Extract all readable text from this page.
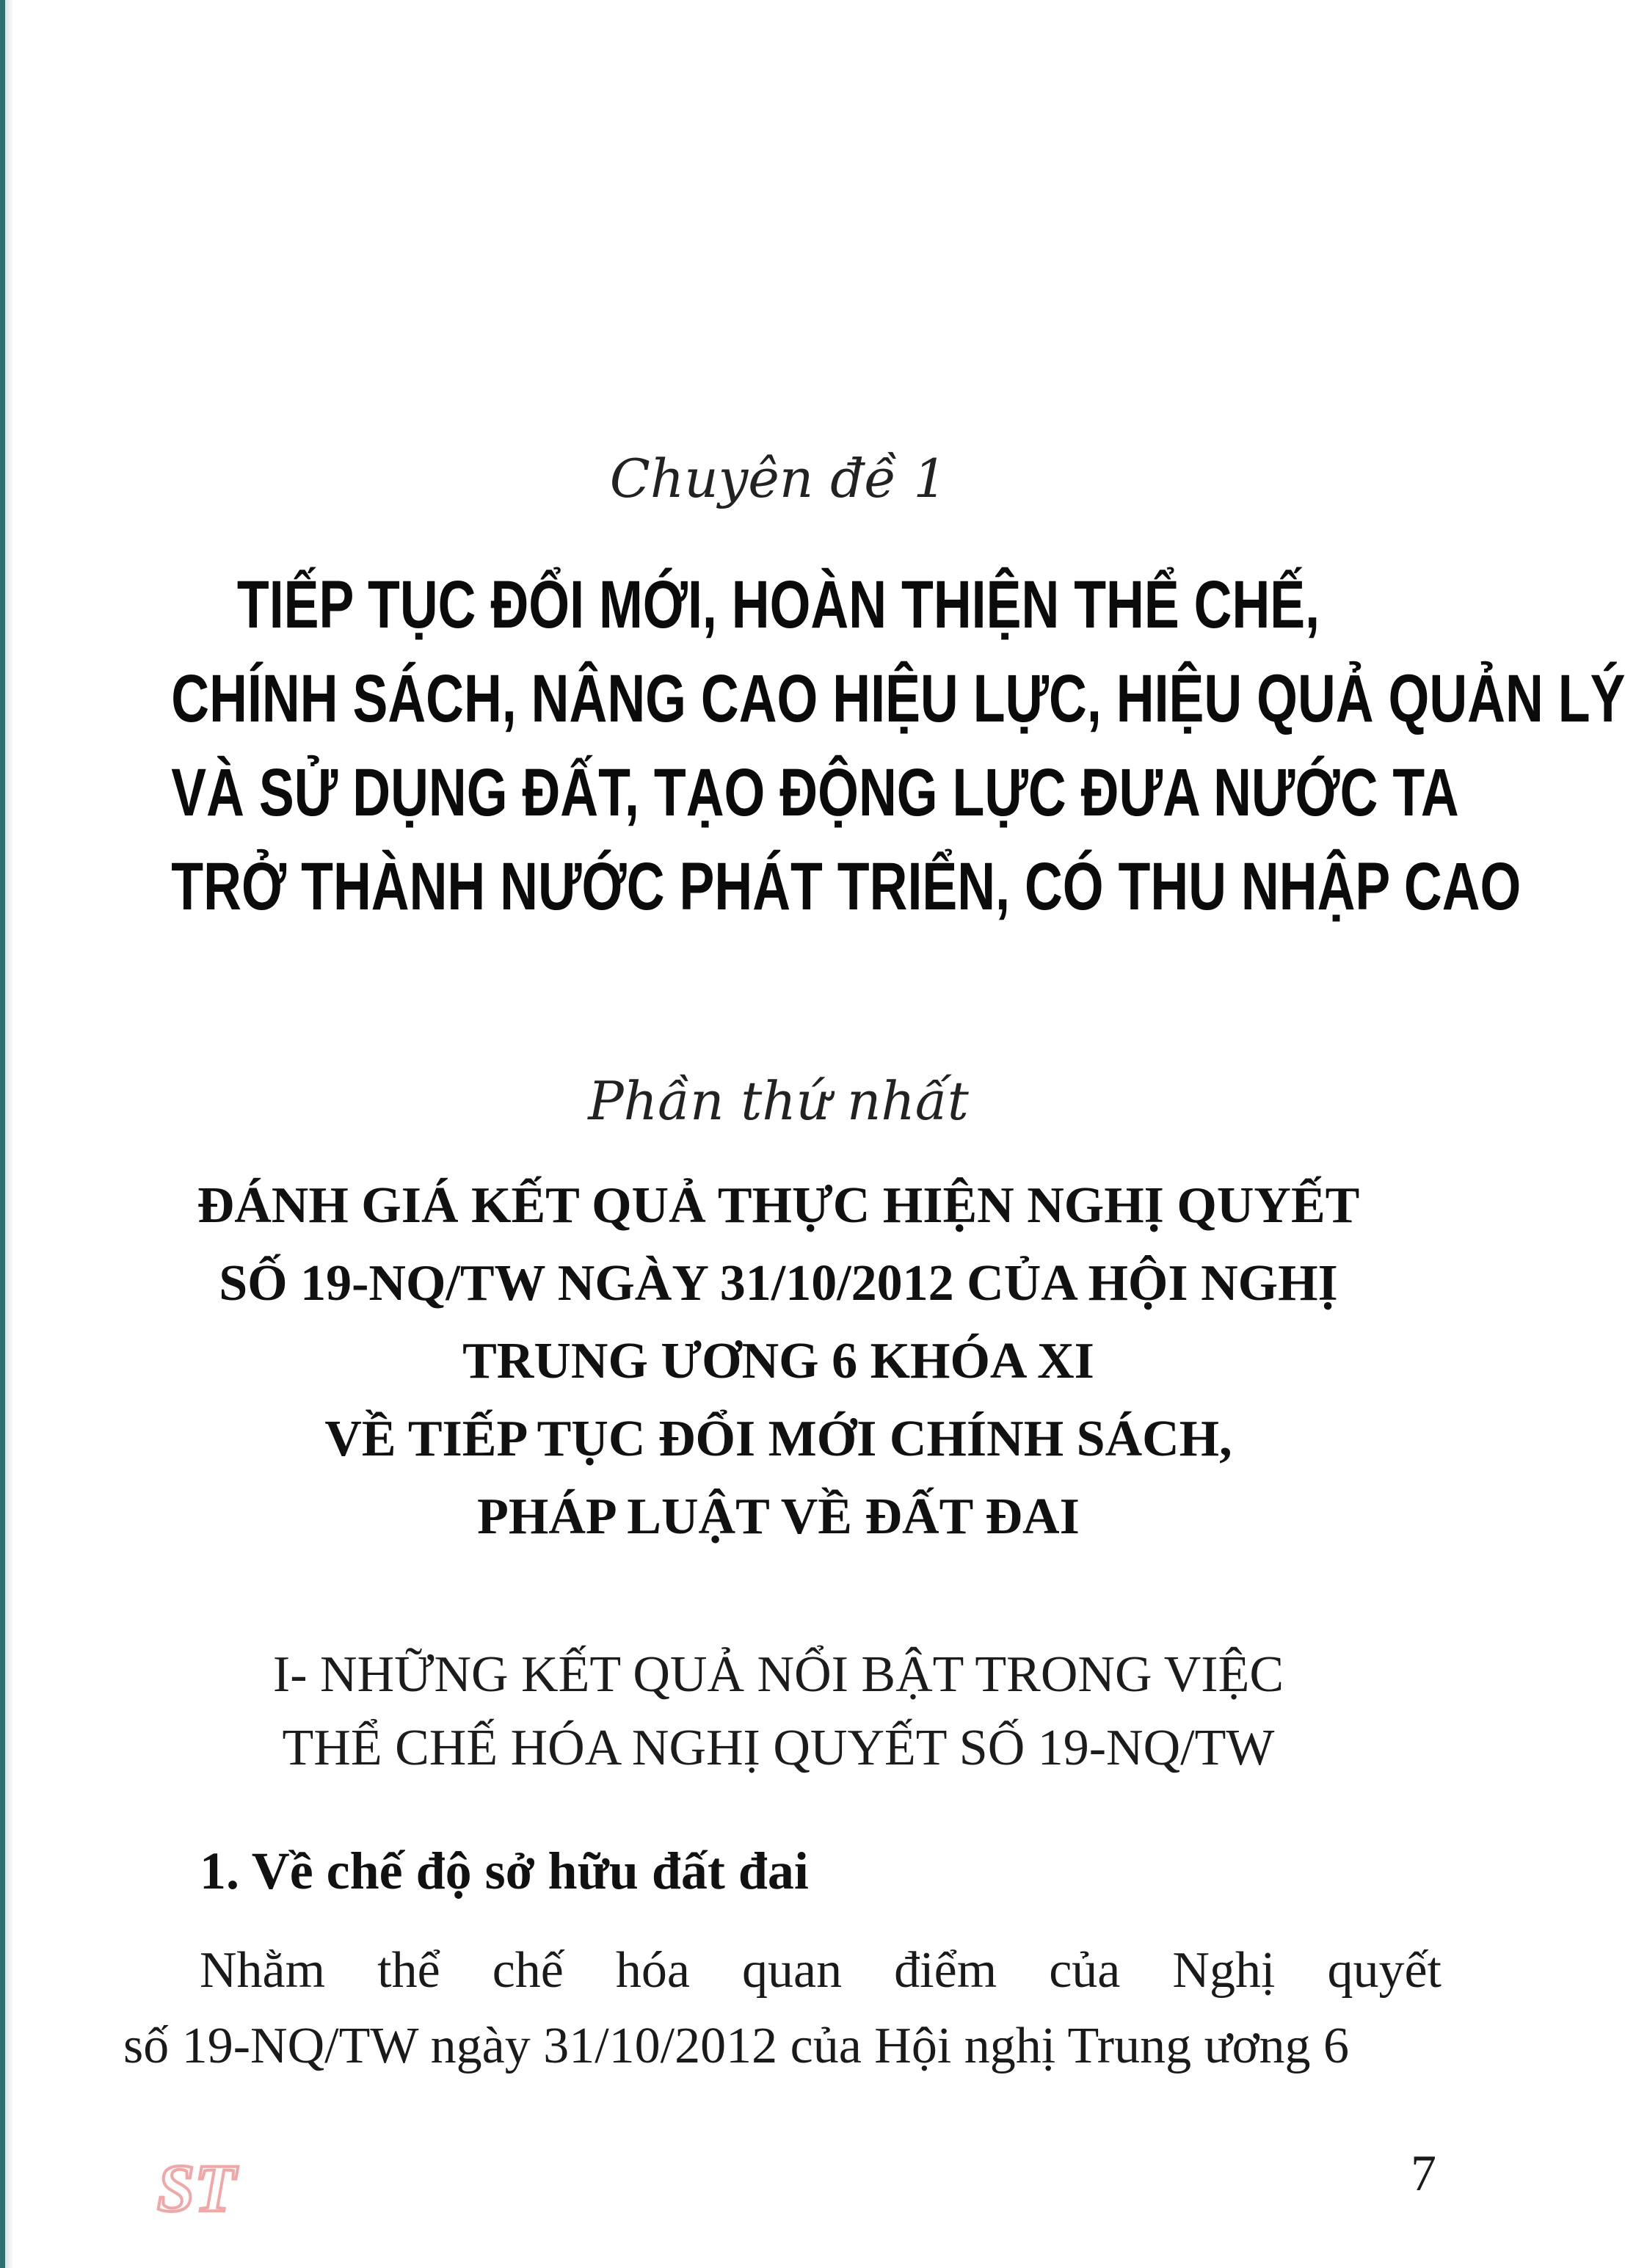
Chuyên đề 1

TIẾP TỤC ĐỔI MỚI, HOÀN THIỆN THỂ CHẾ,
CHÍNH SÁCH, NÂNG CAO HIỆU LỰC, HIỆU QUẢ QUẢN LÝ
VÀ SỬ DỤNG ĐẤT, TẠO ĐỘNG LỰC ĐƯA NƯỚC TA
TRỞ THÀNH NƯỚC PHÁT TRIỂN, CÓ THU NHẬP CAO

Phần thứ nhất

ĐÁNH GIÁ KẾT QUẢ THỰC HIỆN NGHỊ QUYẾT
SỐ 19-NQ/TW NGÀY 31/10/2012 CỦA HỘI NGHỊ
TRUNG ƯƠNG 6 KHÓA XI
VỀ TIẾP TỤC ĐỔI MỚI CHÍNH SÁCH,
PHÁP LUẬT VỀ ĐẤT ĐAI
I- NHỮNG KẾT QUẢ NỔI BẬT TRONG VIỆC
THỂ CHẾ HÓA NGHỊ QUYẾT SỐ 19-NQ/TW
1. Về chế độ sở hữu đất đai

Nhằm thể chế hóa quan điểm của Nghị quyết

số 19-NQ/TW ngày 31/10/2012 của Hội nghị Trung ương 6

ST	7
